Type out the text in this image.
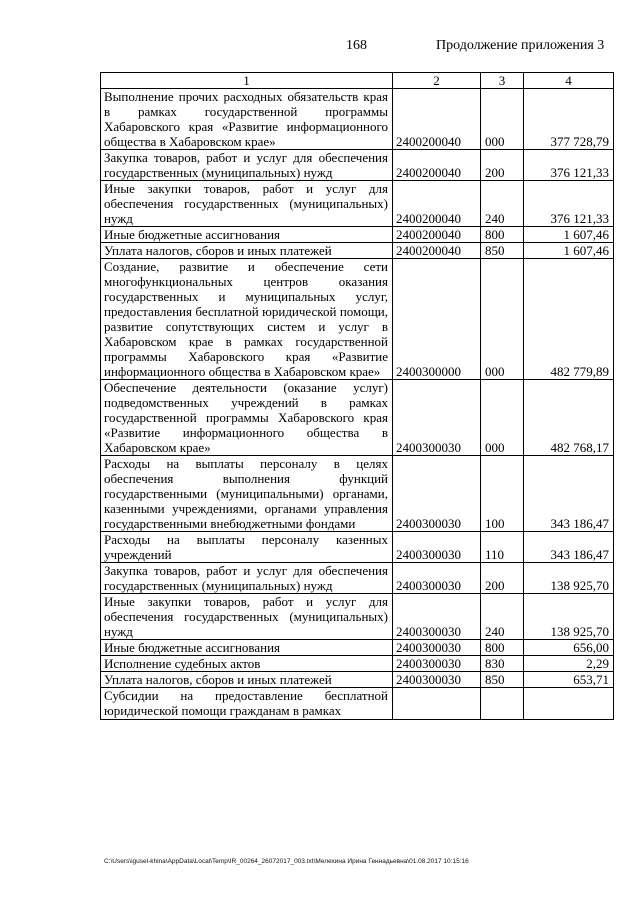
168	Продолжение приложения 3
1	2	3	4
Выполнение прочих расходных обязательств края в рамках государственной программы Хабаровского края «Развитие информационного общества в Хабаровском крае»	2400200040	000	377 728,79
Закупка товаров, работ и услуг для обеспечения государственных (муниципальных) нужд	2400200040	200	376 121,33
Иные закупки товаров, работ и услуг для обеспечения государственных (муниципальных) нужд	2400200040	240	376 121,33
Иные бюджетные ассигнования	2400200040	800	1 607,46
Уплата налогов, сборов и иных платежей	2400200040	850	1 607,46
Создание, развитие и обеспечение сети многофункциональных центров оказания государственных и муниципальных услуг, предоставления бесплатной юридической помощи, развитие сопутствующих систем и услуг в Хабаровском крае в рамках государственной программы Хабаровского края «Развитие информационного общества в Хабаровском крае»	2400300000	000	482 779,89
Обеспечение деятельности (оказание услуг) подведомственных учреждений в рамках государственной программы Хабаровского края «Развитие информационного общества в Хабаровском крае»	2400300030	000	482 768,17
Расходы на выплаты персоналу в целях обеспечения выполнения функций государственными (муниципальными) органами, казенными учреждениями, органами управления государственными внебюджетными фондами	2400300030	100	343 186,47
Расходы на выплаты персоналу казенных учреждений	2400300030	110	343 186,47
Закупка товаров, работ и услуг для обеспечения государственных (муниципальных) нужд	2400300030	200	138 925,70
Иные закупки товаров, работ и услуг для обеспечения государственных (муниципальных) нужд	2400300030	240	138 925,70
Иные бюджетные ассигнования	2400300030	800	656,00
Исполнение судебных актов	2400300030	830	2,29
Уплата налогов, сборов и иных платежей	2400300030	850	653,71
Субсидии на предоставление бесплатной юридической помощи гражданам в рамках			
C:\Users\igusel-khina\AppData\Local\Temp\IR_00264_26072017_003.txt\Мелехина Ирина Геннадьевна\01.08.2017 10:15:16
